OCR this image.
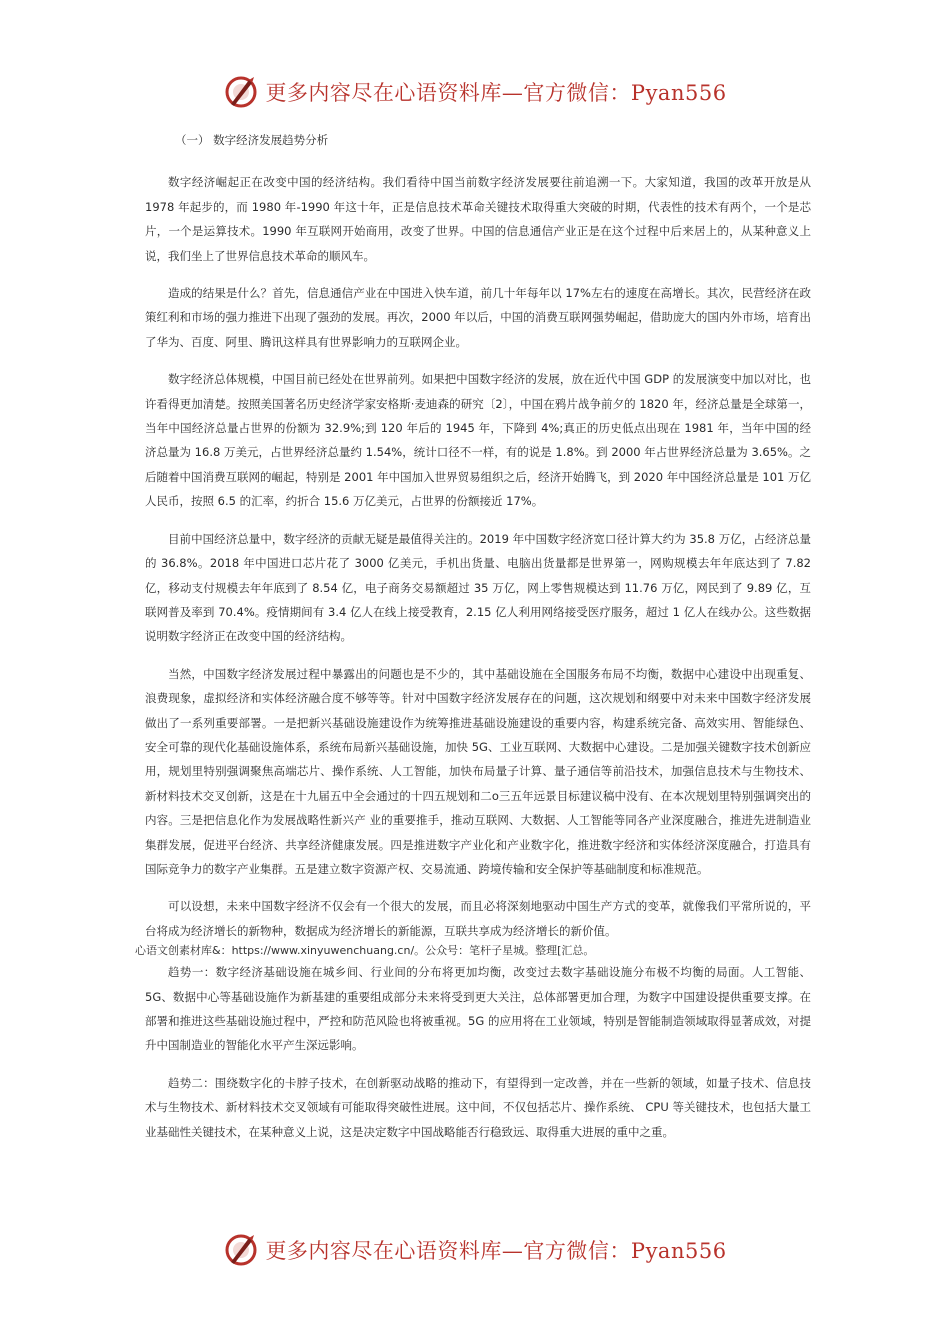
更多内容尽在心语资料库—官方微信：Pyan556
（一） 数字经济发展趋势分析

数字经济崛起正在改变中国的经济结构。我们看待中国当前数字经济发展要往前追溯一下。大家知道，我国的改革开放是从 1978 年起步的，而 1980 年-1990 年这十年，正是信息技术革命关键技术取得重大突破的时期，代表性的技术有两个，一个是芯片，一个是运算技术。1990 年互联网开始商用，改变了世界。中国的信息通信产业正是在这个过程中后来居上的，从某种意义上说，我们坐上了世界信息技术革命的顺风车。

造成的结果是什么？首先，信息通信产业在中国进入快车道，前几十年每年以 17%左右的速度在高增长。其次，民营经济在政策红利和市场的强力推进下出现了强劲的发展。再次，2000 年以后，中国的消费互联网强势崛起，借助庞大的国内外市场，培育出了华为、百度、阿里、腾讯这样具有世界影响力的互联网企业。

数字经济总体规模，中国目前已经处在世界前列。如果把中国数字经济的发展，放在近代中国 GDP 的发展演变中加以对比，也许看得更加清楚。按照美国著名历史经济学家安格斯·麦迪森的研究〔2〕，中国在鸦片战争前夕的 1820 年，经济总量是全球第一，当年中国经济总量占世界的份额为 32.9%;到 120 年后的 1945 年，下降到 4%;真正的历史低点出现在 1981 年，当年中国的经济总量为 16.8 万美元，占世界经济总量约 1.54%，统计口径不一样，有的说是 1.8%。到 2000 年占世界经济总量为 3.65%。之后随着中国消费互联网的崛起，特别是 2001 年中国加入世界贸易组织之后，经济开始腾飞，到 2020 年中国经济总量是 101 万亿人民币，按照 6.5 的汇率，约折合 15.6 万亿美元，占世界的份额接近 17%。

目前中国经济总量中，数字经济的贡献无疑是最值得关注的。2019 年中国数字经济宽口径计算大约为 35.8 万亿，占经济总量的 36.8%。2018 年中国进口芯片花了 3000 亿美元，手机出货量、电脑出货量都是世界第一，网购规模去年年底达到了 7.82 亿，移动支付规模去年年底到了 8.54 亿，电子商务交易额超过 35 万亿，网上零售规模达到 11.76 万亿，网民到了 9.89 亿，互联网普及率到 70.4%。疫情期间有 3.4 亿人在线上接受教育，2.15 亿人利用网络接受医疗服务，超过 1 亿人在线办公。这些数据说明数字经济正在改变中国的经济结构。

当然，中国数字经济发展过程中暴露出的问题也是不少的，其中基础设施在全国服务布局不均衡，数据中心建设中出现重复、浪费现象，虚拟经济和实体经济融合度不够等等。针对中国数字经济发展存在的问题，这次规划和纲要中对未来中国数字经济发展做出了一系列重要部署。一是把新兴基础设施建设作为统筹推进基础设施建设的重要内容，构建系统完备、高效实用、智能绿色、安全可靠的现代化基础设施体系，系统布局新兴基础设施，加快 5G、工业互联网、大数据中心建设。二是加强关键数字技术创新应用，规划里特别强调聚焦高端芯片、操作系统、人工智能，加快布局量子计算、量子通信等前沿技术，加强信息技术与生物技术、新材料技术交叉创新，这是在十九届五中全会通过的十四五规划和二o三五年远景目标建议稿中没有、在本次规划里特别强调突出的内容。三是把信息化作为发展战略性新兴产 业的重要推手，推动互联网、大数据、人工智能等同各产业深度融合，推进先进制造业集群发展，促进平台经济、共享经济健康发展。四是推进数字产业化和产业数字化，推进数字经济和实体经济深度融合，打造具有国际竞争力的数字产业集群。五是建立数字资源产权、交易流通、跨境传输和安全保护等基础制度和标准规范。

可以设想，未来中国数字经济不仅会有一个很大的发展，而且必将深刻地驱动中国生产方式的变革，就像我们平常所说的，平台将成为经济增长的新物种，数据成为经济增长的新能源，互联共享成为经济增长的新价值。

心语文创素材库&：https://www.xinyuwenchuang.cn/。公众号：笔杆子星城。整理[汇总。

趋势一：数字经济基础设施在城乡间、行业间的分布将更加均衡，改变过去数字基础设施分布极不均衡的局面。人工智能、5G、数据中心等基础设施作为新基建的重要组成部分未来将受到更大关注，总体部署更加合理，为数字中国建设提供重要支撑。在部署和推进这些基础设施过程中，严控和防范风险也将被重视。5G 的应用将在工业领域，特别是智能制造领域取得显著成效，对提升中国制造业的智能化水平产生深远影响。

趋势二：围绕数字化的卡脖子技术，在创新驱动战略的推动下，有望得到一定改善，并在一些新的领域，如量子技术、信息技术与生物技术、新材料技术交叉领域有可能取得突破性进展。这中间，不仅包括芯片、操作系统、 CPU 等关键技术，也包括大量工业基础性关键技术，在某种意义上说，这是决定数字中国战略能否行稳致远、取得重大进展的重中之重。

更多内容尽在心语资料库—官方微信：Pyan556
